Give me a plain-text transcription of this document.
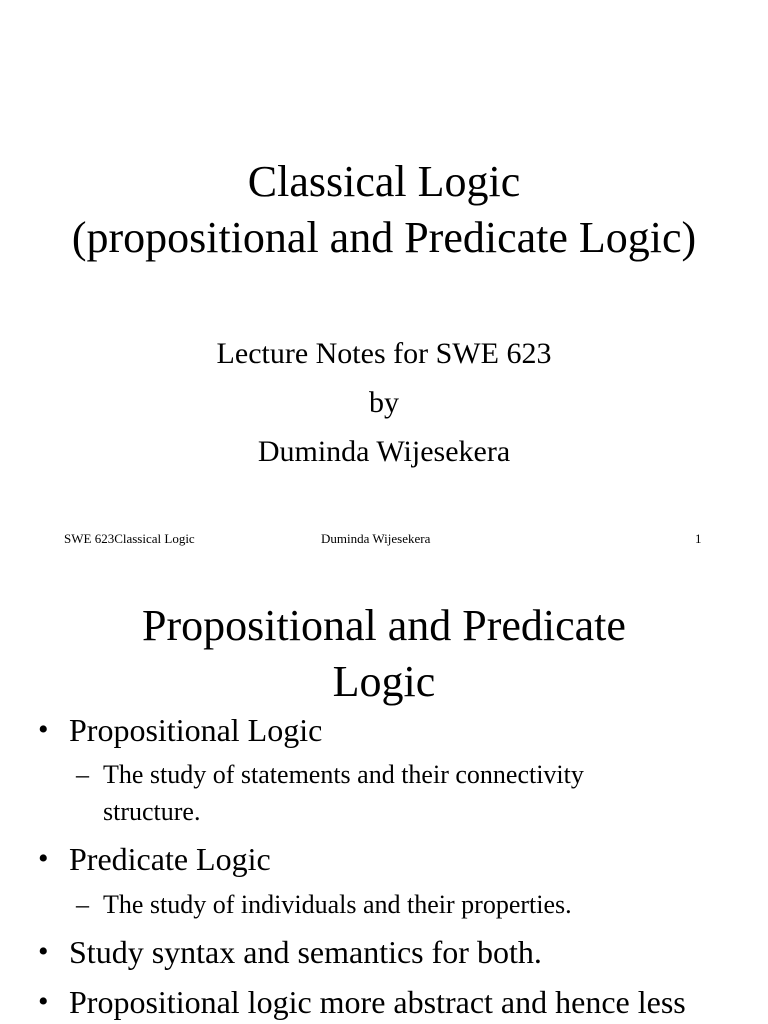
Classical Logic
(propositional and Predicate Logic)
Lecture Notes for SWE 623
by
Duminda Wijesekera
SWE 623Classical Logic	Duminda Wijesekera	1
Propositional and Predicate
Logic
• Propositional Logic
– The study of statements and their connectivity
structure.
• Predicate Logic
– The study of individuals and their properties.
• Study syntax and semantics for both.
• Propositional logic more abstract and hence less
